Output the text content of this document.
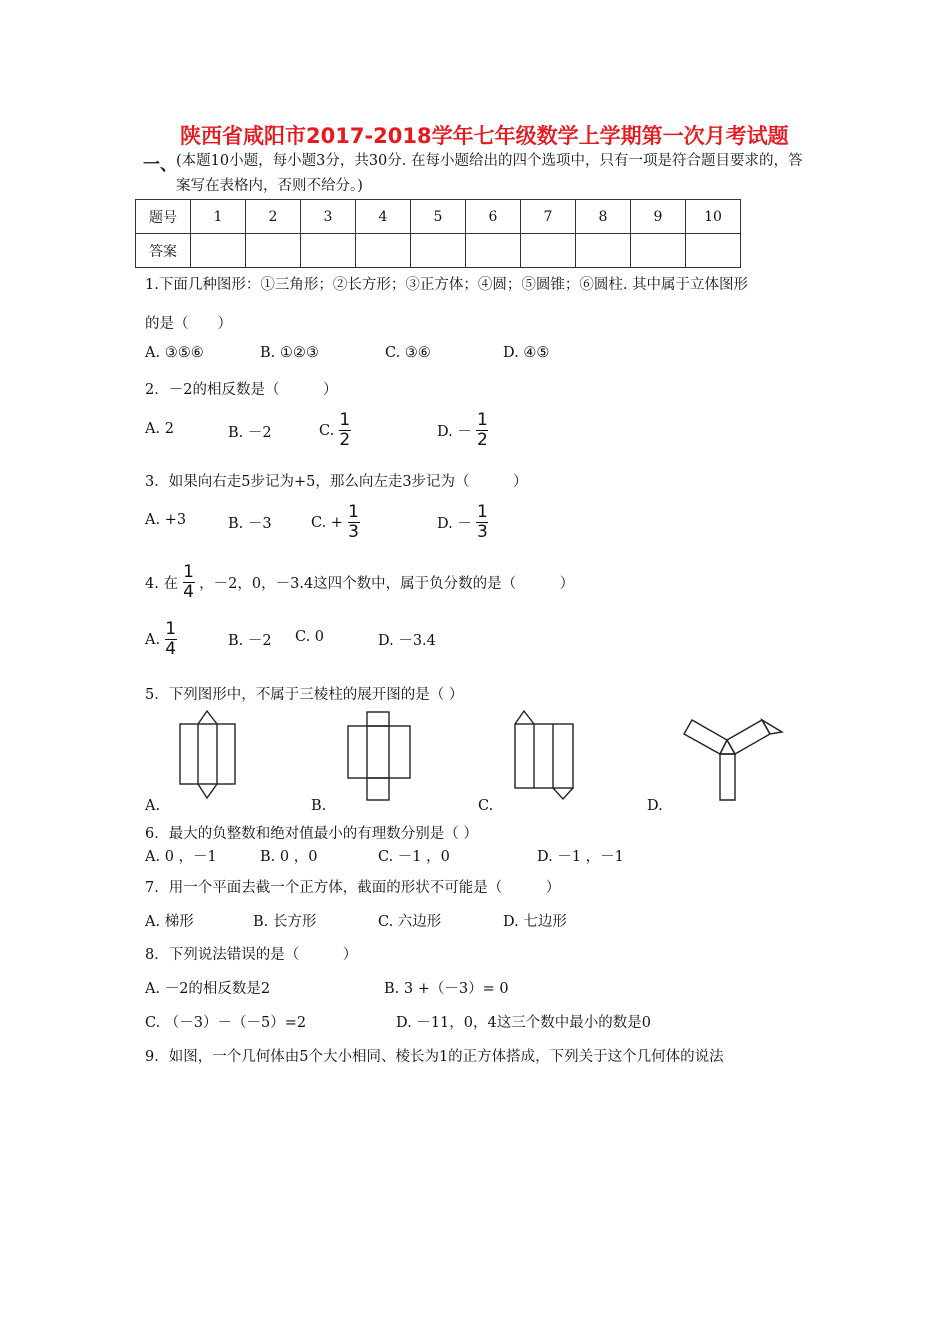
陕西省咸阳市2017-2018学年七年级数学上学期第一次月考试题
一、 (本题10小题，每小题3分，共30分. 在每小题给出的四个选项中，只有一项是符合题目要求的，答案写在表格内，否则不给分。)
题号	1	2	3	4	5	6	7	8	9	10
答案										
1.下面几种图形：①三角形；②长方形；③正方体；④圆；⑤圆锥；⑥圆柱. 其中属于立体图形
的是（　　）
A. ③⑤⑥	B. ①②③	C. ③⑥	D. ④⑤
2．－2的相反数是（　　　）
A. 2	B. －2	C. $\frac{1}{2}$	D. － $\frac{1}{2}$
3．如果向右走5步记为+5，那么向左走3步记为（　　　）
A. +3	B. －3	C. + $\frac{1}{3}$	D. － $\frac{1}{3}$
4. 在 $\frac{1}{4}$ ，－2，0，－3.4这四个数中，属于负分数的是（　　　）
A. $\frac{1}{4}$	B. －2 C. 0	D. －3.4
5．下列图形中，不属于三棱柱的展开图的是（ ）
A.	B.	C.	D.
6．最大的负整数和绝对值最小的有理数分别是（ ）
A. 0 ，－1	B. 0 ，0	C. －1 ，0	D. －1 ，－1
7．用一个平面去截一个正方体，截面的形状不可能是（　　　）
A. 梯形	B. 长方形	C. 六边形	D. 七边形
8．下列说法错误的是（　　　）
A. －2的相反数是2	B. 3 +（－3）= 0
C. （－3）－（－5）=2	D. －11，0，4这三个数中最小的数是0
9．如图，一个几何体由5个大小相同、棱长为1的正方体搭成，下列关于这个几何体的说法
